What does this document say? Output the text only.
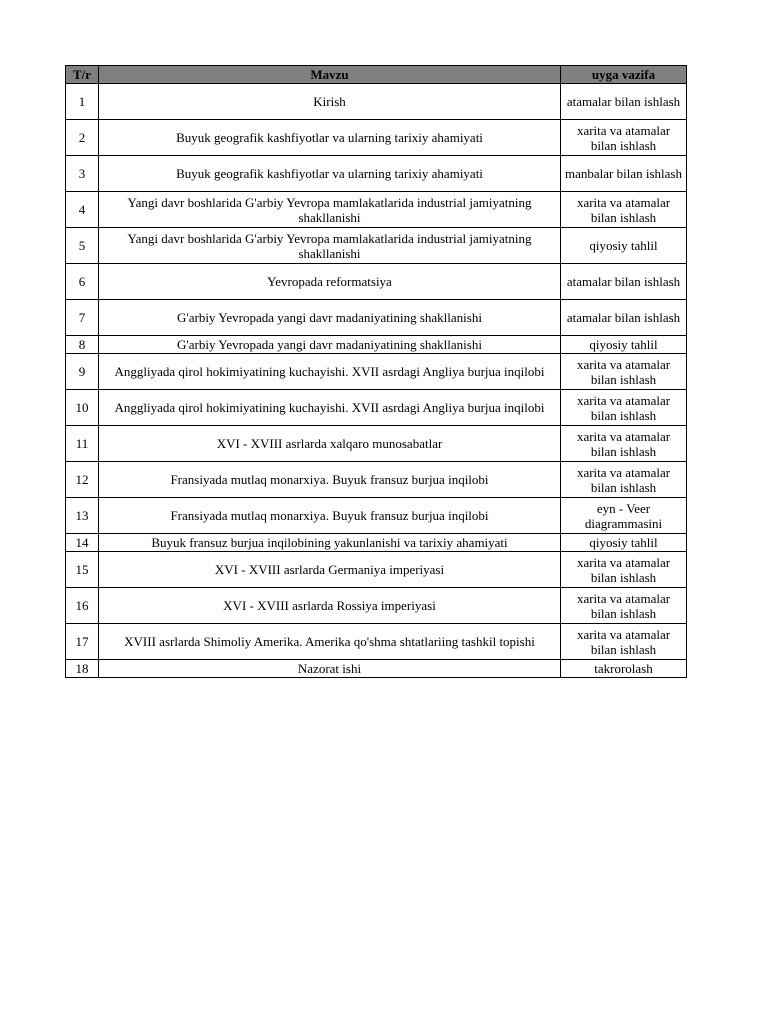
T/r	Mavzu	uyga vazifa
1	Kirish	atamalar bilan ishlash
2	Buyuk geografik kashfiyotlar va ularning tarixiy ahamiyati	xarita va atamalar bilan ishlash
3	Buyuk geografik kashfiyotlar va ularning tarixiy ahamiyati	manbalar bilan ishlash
4	Yangi davr boshlarida G'arbiy Yevropa mamlakatlarida industrial jamiyatning shakllanishi	xarita va atamalar bilan ishlash
5	Yangi davr boshlarida G'arbiy Yevropa mamlakatlarida industrial jamiyatning shakllanishi	qiyosiy tahlil
6	Yevropada reformatsiya	atamalar bilan ishlash
7	G'arbiy Yevropada yangi davr madaniyatining shakllanishi	atamalar bilan ishlash
8	G'arbiy Yevropada yangi davr madaniyatining shakllanishi	qiyosiy tahlil
9	Anggliyada qirol hokimiyatining kuchayishi. XVII asrdagi Angliya burjua inqilobi	xarita va atamalar bilan ishlash
10	Anggliyada qirol hokimiyatining kuchayishi. XVII asrdagi Angliya burjua inqilobi	xarita va atamalar bilan ishlash
11	XVI - XVIII asrlarda xalqaro munosabatlar	xarita va atamalar bilan ishlash
12	Fransiyada mutlaq monarxiya. Buyuk fransuz burjua inqilobi	xarita va atamalar bilan ishlash
13	Fransiyada mutlaq monarxiya. Buyuk fransuz burjua inqilobi	eyn - Veer diagrammasini
14	Buyuk fransuz burjua inqilobining yakunlanishi va tarixiy ahamiyati	qiyosiy tahlil
15	XVI - XVIII asrlarda Germaniya imperiyasi	xarita va atamalar bilan ishlash
16	XVI - XVIII asrlarda Rossiya imperiyasi	xarita va atamalar bilan ishlash
17	XVIII asrlarda Shimoliy Amerika. Amerika qo'shma shtatlariing tashkil topishi	xarita va atamalar bilan ishlash
18	Nazorat ishi	takrorolash
